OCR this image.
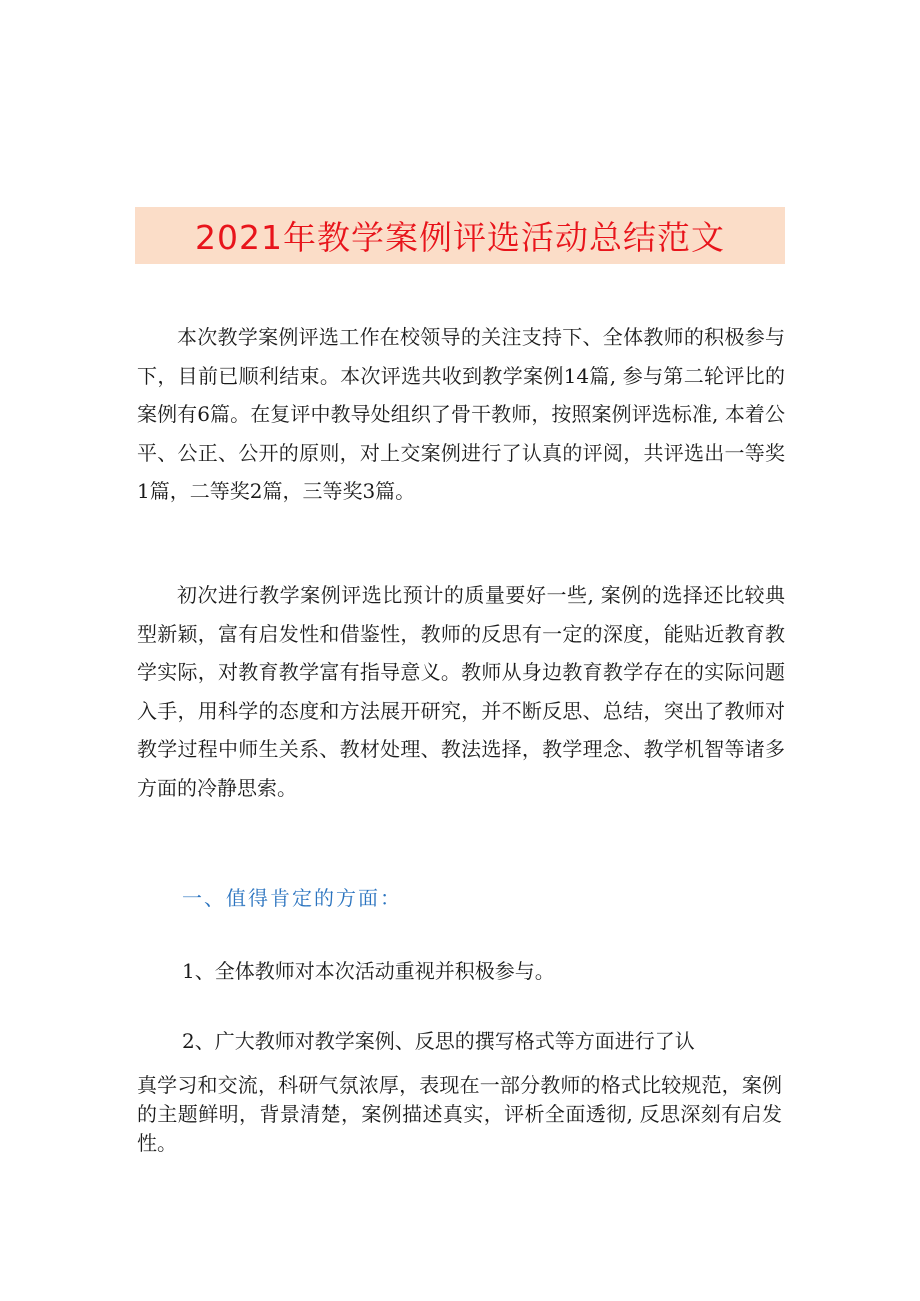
2021年教学案例评选活动总结范文

本次教学案例评选工作在校领导的关注支持下、全体教师的积极参与下，目前已顺利结束。本次评选共收到教学案例14篇, 参与第二轮评比的案例有6篇。在复评中教导处组织了骨干教师，按照案例评选标准, 本着公平、公正、公开的原则，对上交案例进行了认真的评阅，共评选出一等奖1篇，二等奖2篇，三等奖3篇。

初次进行教学案例评选比预计的质量要好一些, 案例的选择还比较典型新颖，富有启发性和借鉴性，教师的反思有一定的深度，能贴近教育教学实际，对教育教学富有指导意义。教师从身边教育教学存在的实际问题入手，用科学的态度和方法展开研究，并不断反思、总结，突出了教师对教学过程中师生关系、教材处理、教法选择，教学理念、教学机智等诸多方面的冷静思索。

一、值得肯定的方面：

1、全体教师对本次活动重视并积极参与。

2、广大教师对教学案例、反思的撰写格式等方面进行了认

真学习和交流，科研气氛浓厚，表现在一部分教师的格式比较规范，案例的主题鲜明，背景清楚，案例描述真实，评析全面透彻, 反思深刻有启发性。
